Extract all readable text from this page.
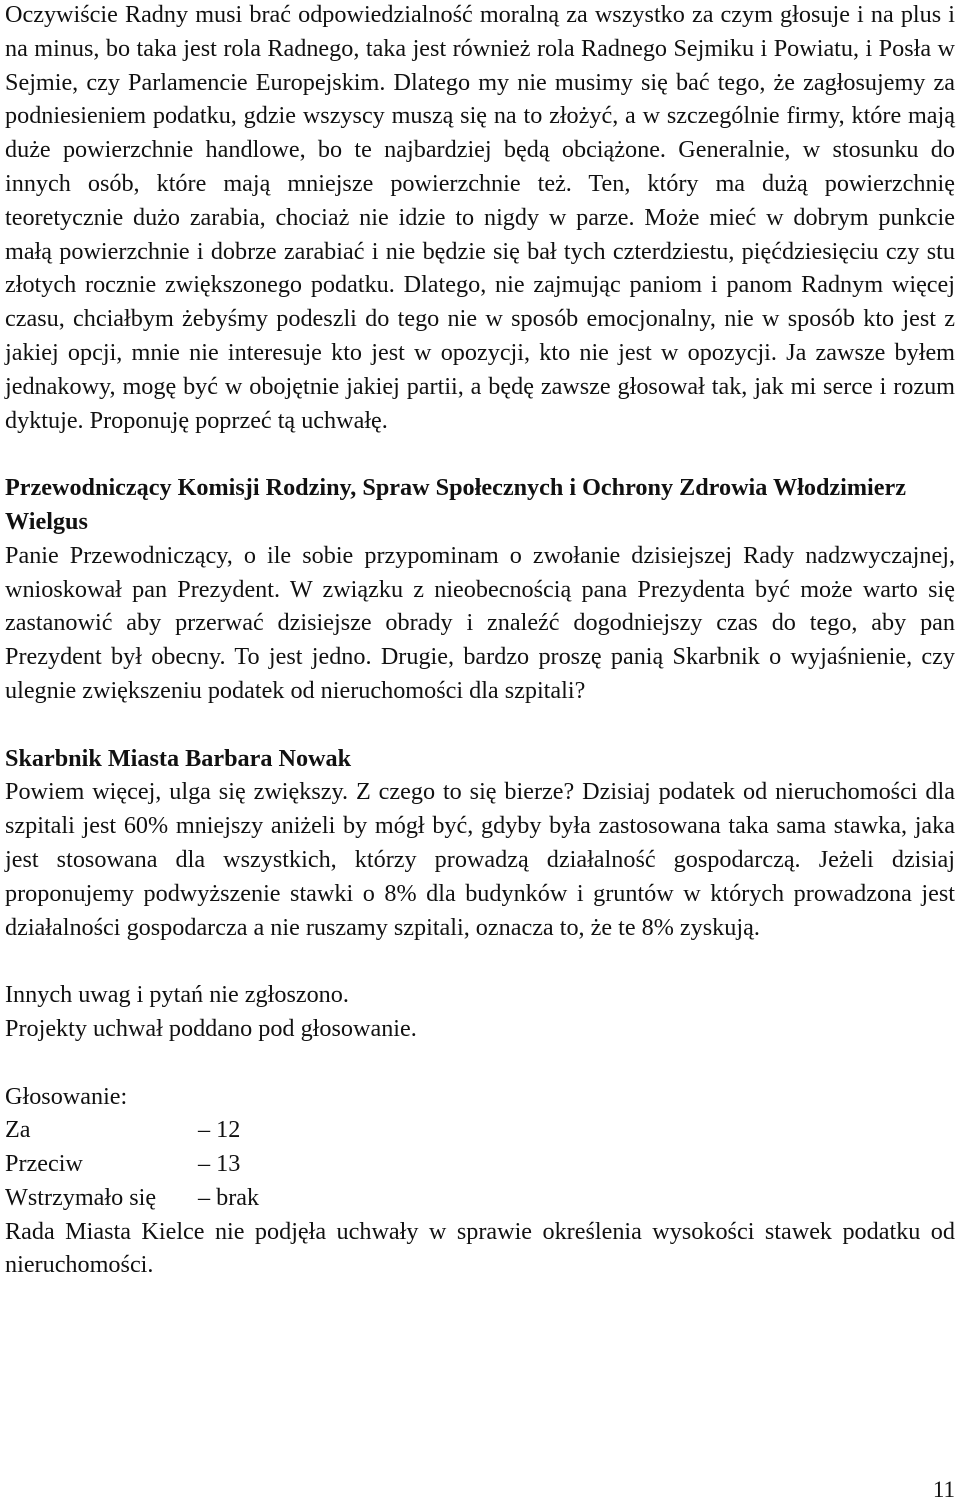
Oczywiście Radny musi brać odpowiedzialność moralną za wszystko za czym głosuje i na plus i na minus, bo taka jest rola Radnego, taka jest również rola Radnego Sejmiku i Powiatu, i Posła w Sejmie, czy Parlamencie Europejskim. Dlatego my nie musimy się bać tego, że zagłosujemy za podniesieniem podatku, gdzie wszyscy muszą się na to złożyć, a w szczególnie firmy, które mają duże powierzchnie handlowe, bo te najbardziej będą obciążone. Generalnie, w stosunku do innych osób, które mają mniejsze powierzchnie też. Ten, który ma dużą powierzchnię teoretycznie dużo zarabia, chociaż nie idzie to nigdy w parze. Może mieć w dobrym punkcie małą powierzchnie i dobrze zarabiać i nie będzie się bał tych czterdziestu, pięćdziesięciu czy stu złotych rocznie zwiększonego podatku. Dlatego, nie zajmując paniom i panom Radnym więcej czasu, chciałbym żebyśmy podeszli do tego nie w sposób emocjonalny, nie w sposób kto jest z jakiej opcji, mnie nie interesuje kto jest w opozycji, kto nie jest w opozycji. Ja zawsze byłem jednakowy, mogę być w obojętnie jakiej partii, a będę zawsze głosował tak, jak mi serce i rozum dyktuje. Proponuję poprzeć tą uchwałę.

Przewodniczący Komisji Rodziny, Spraw Społecznych i Ochrony Zdrowia Włodzimierz Wielgus

Panie Przewodniczący, o ile sobie przypominam o zwołanie dzisiejszej Rady nadzwyczajnej, wnioskował pan Prezydent. W związku z nieobecnością pana Prezydenta być może warto się zastanowić aby przerwać dzisiejsze obrady i znaleźć dogodniejszy czas do tego, aby pan Prezydent był obecny. To jest jedno. Drugie, bardzo proszę panią Skarbnik o wyjaśnienie, czy ulegnie zwiększeniu podatek od nieruchomości dla szpitali?

Skarbnik Miasta Barbara Nowak

Powiem więcej, ulga się zwiększy. Z czego to się bierze? Dzisiaj podatek od nieruchomości dla szpitali jest 60% mniejszy aniżeli by mógł być, gdyby była zastosowana taka sama stawka, jaka jest stosowana dla wszystkich, którzy prowadzą działalność gospodarczą. Jeżeli dzisiaj proponujemy podwyższenie stawki o 8% dla budynków i gruntów w których prowadzona jest działalności gospodarcza a nie ruszamy szpitali, oznacza to, że te 8% zyskują.

Innych uwag i pytań nie zgłoszono.

Projekty uchwał poddano pod głosowanie.

Głosowanie:

Za	– 12
Przeciw	– 13
Wstrzymało się	– brak

Rada Miasta Kielce nie podjęła uchwały w sprawie określenia wysokości stawek podatku od nieruchomości.

11
